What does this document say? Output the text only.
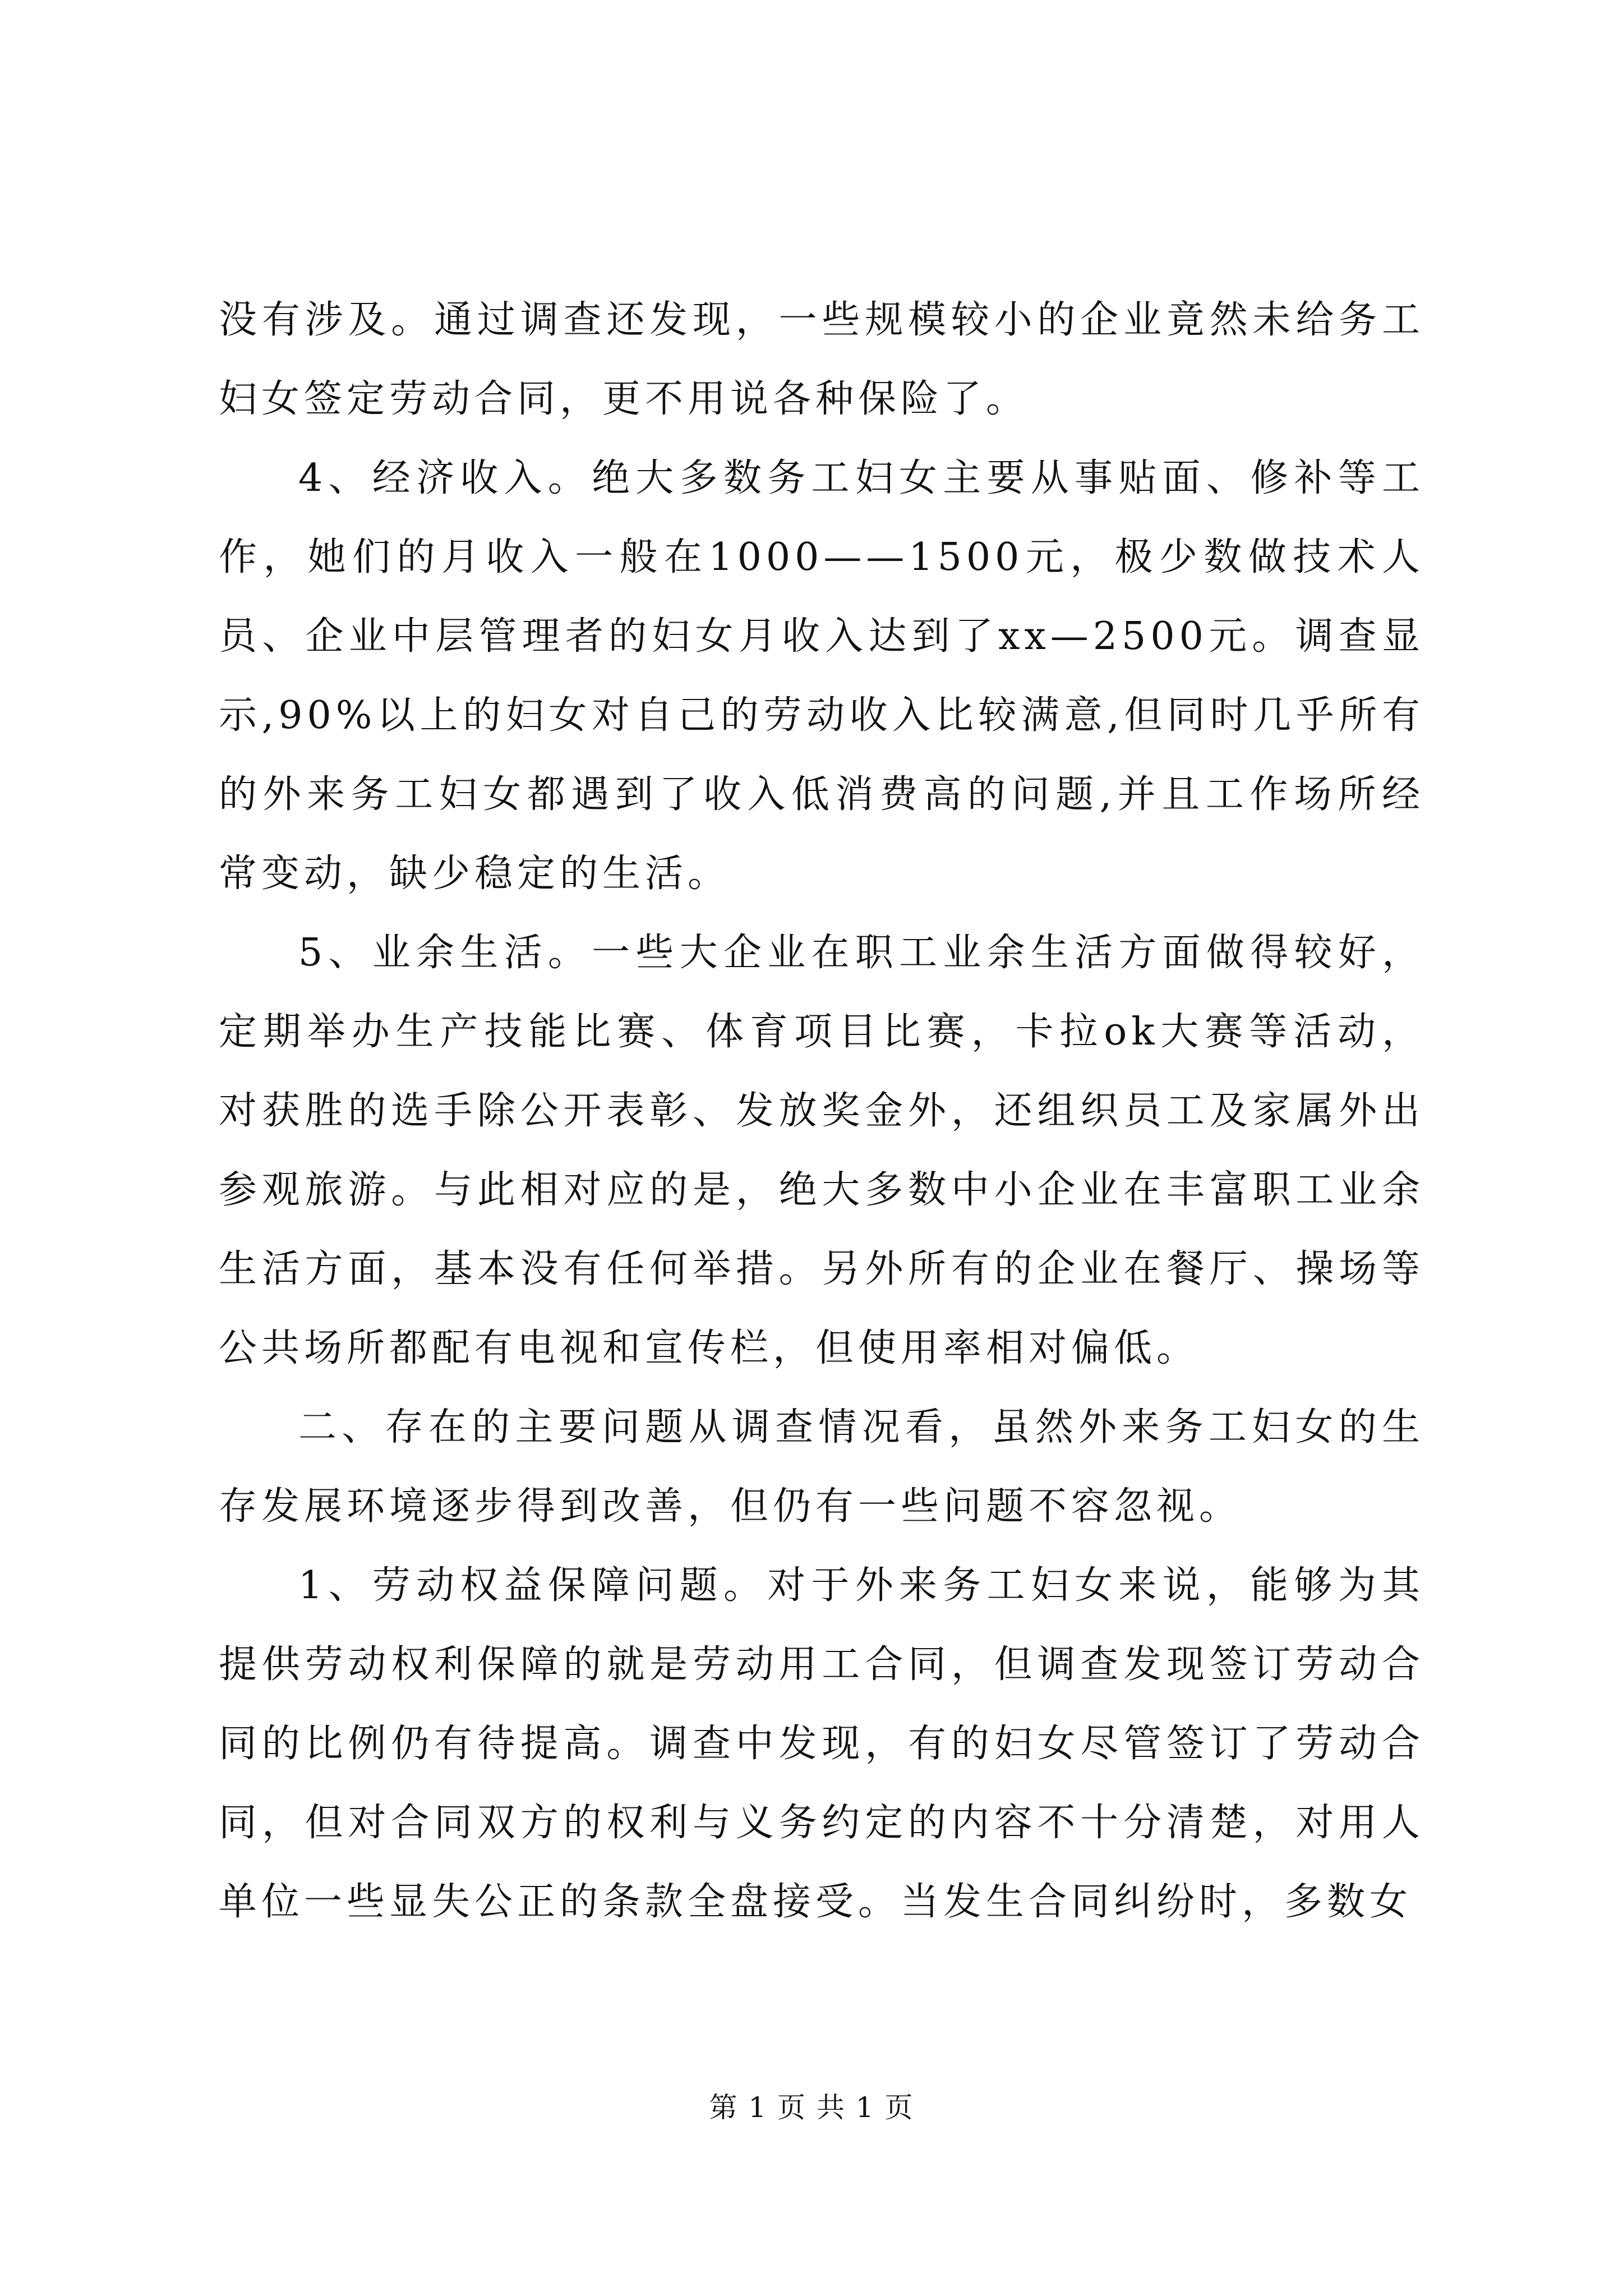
没有涉及。通过调查还发现，一些规模较小的企业竟然未给务工妇女签定劳动合同，更不用说各种保险了。

4、经济收入。绝大多数务工妇女主要从事贴面、修补等工作，她们的月收入一般在1000——1500元，极少数做技术人员、企业中层管理者的妇女月收入达到了xx—2500元。调查显示,90%以上的妇女对自己的劳动收入比较满意,但同时几乎所有的外来务工妇女都遇到了收入低消费高的问题,并且工作场所经常变动，缺少稳定的生活。

5、业余生活。一些大企业在职工业余生活方面做得较好，定期举办生产技能比赛、体育项目比赛，卡拉ok大赛等活动，对获胜的选手除公开表彰、发放奖金外，还组织员工及家属外出参观旅游。与此相对应的是，绝大多数中小企业在丰富职工业余生活方面，基本没有任何举措。另外所有的企业在餐厅、操场等公共场所都配有电视和宣传栏，但使用率相对偏低。

二、存在的主要问题从调查情况看，虽然外来务工妇女的生存发展环境逐步得到改善，但仍有一些问题不容忽视。

1、劳动权益保障问题。对于外来务工妇女来说，能够为其提供劳动权利保障的就是劳动用工合同，但调查发现签订劳动合同的比例仍有待提高。调查中发现，有的妇女尽管签订了劳动合同，但对合同双方的权利与义务约定的内容不十分清楚，对用人单位一些显失公正的条款全盘接受。当发生合同纠纷时，多数女

第 1 页 共 1 页
